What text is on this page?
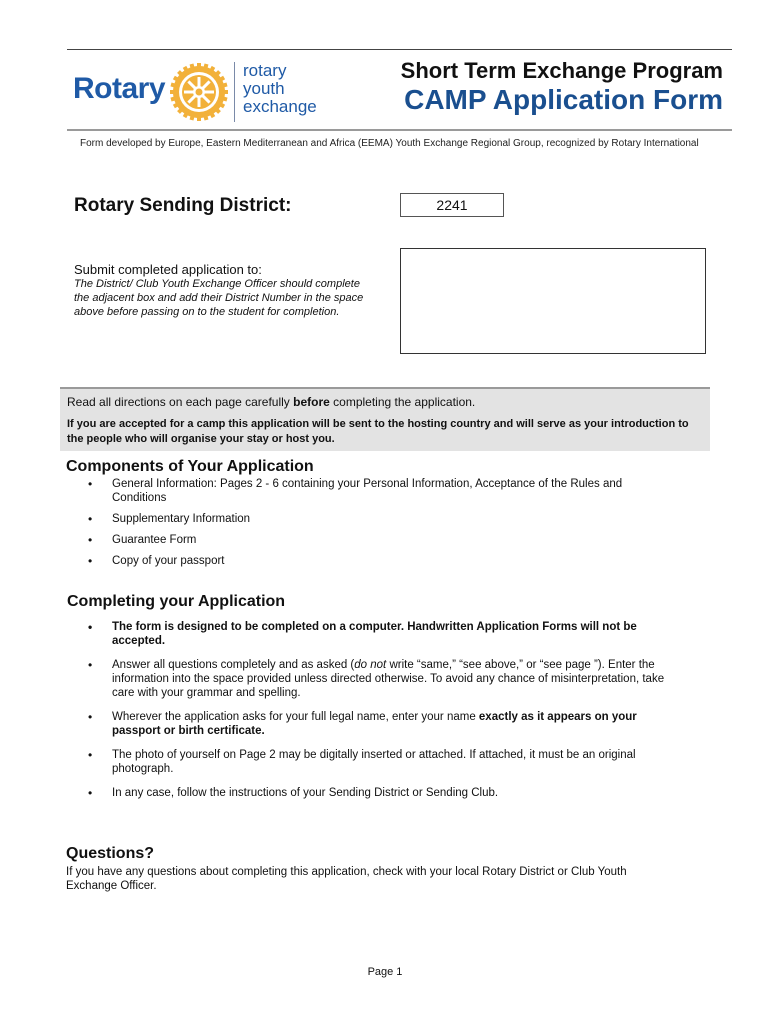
Rotary
rotary
youth
exchange
Short Term Exchange Program
CAMP Application Form
Form developed by Europe, Eastern Mediterranean and Africa (EEMA) Youth Exchange Regional Group, recognized by Rotary International
Rotary Sending District:	2241
Submit completed application to:
The District/ Club Youth Exchange Officer should complete the adjacent box and add their District Number in the space above before passing on to the student for completion.
Read all directions on each page carefully before completing the application.
If you are accepted for a camp this application will be sent to the hosting country and will serve as your introduction to the people who will organise your stay or host you.
Components of Your Application
• General Information: Pages 2 - 6 containing your Personal Information, Acceptance of the Rules and Conditions
• Supplementary Information
• Guarantee Form
• Copy of your passport
Completing your Application
• The form is designed to be completed on a computer. Handwritten Application Forms will not be accepted.
• Answer all questions completely and as asked (do not write “same,” “see above,” or “see page ”). Enter the information into the space provided unless directed otherwise. To avoid any chance of misinterpretation, take care with your grammar and spelling.
• Wherever the application asks for your full legal name, enter your name exactly as it appears on your passport or birth certificate.
• The photo of yourself on Page 2 may be digitally inserted or attached. If attached, it must be an original photograph.
• In any case, follow the instructions of your Sending District or Sending Club.
Questions?
If you have any questions about completing this application, check with your local Rotary District or Club Youth Exchange Officer.
Page 1
